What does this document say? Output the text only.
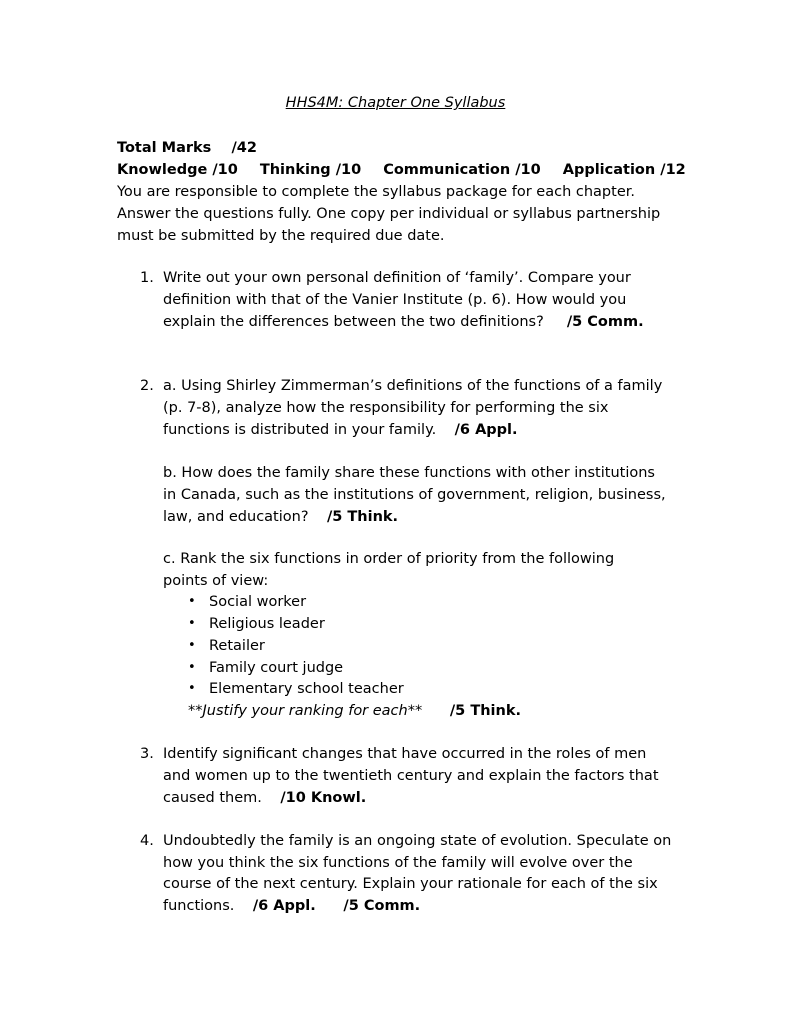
HHS4M: Chapter One Syllabus
Total Marks /42
Knowledge /10 Thinking /10 Communication /10 Application /12
You are responsible to complete the syllabus package for each chapter.
Answer the questions fully. One copy per individual or syllabus partnership
must be submitted by the required due date.
1. Write out your own personal definition of ‘family’. Compare your
definition with that of the Vanier Institute (p. 6). How would you
explain the differences between the two definitions? /5 Comm.
2. a. Using Shirley Zimmerman’s definitions of the functions of a family
(p. 7-8), analyze how the responsibility for performing the six
functions is distributed in your family. /6 Appl.
b. How does the family share these functions with other institutions
in Canada, such as the institutions of government, religion, business,
law, and education? /5 Think.
c. Rank the six functions in order of priority from the following
points of view:
• Social worker
• Religious leader
• Retailer
• Family court judge
• Elementary school teacher
**Justify your ranking for each** /5 Think.
3. Identify significant changes that have occurred in the roles of men
and women up to the twentieth century and explain the factors that
caused them. /10 Knowl.
4. Undoubtedly the family is an ongoing state of evolution. Speculate on
how you think the six functions of the family will evolve over the
course of the next century. Explain your rationale for each of the six
functions. /6 Appl. /5 Comm.
